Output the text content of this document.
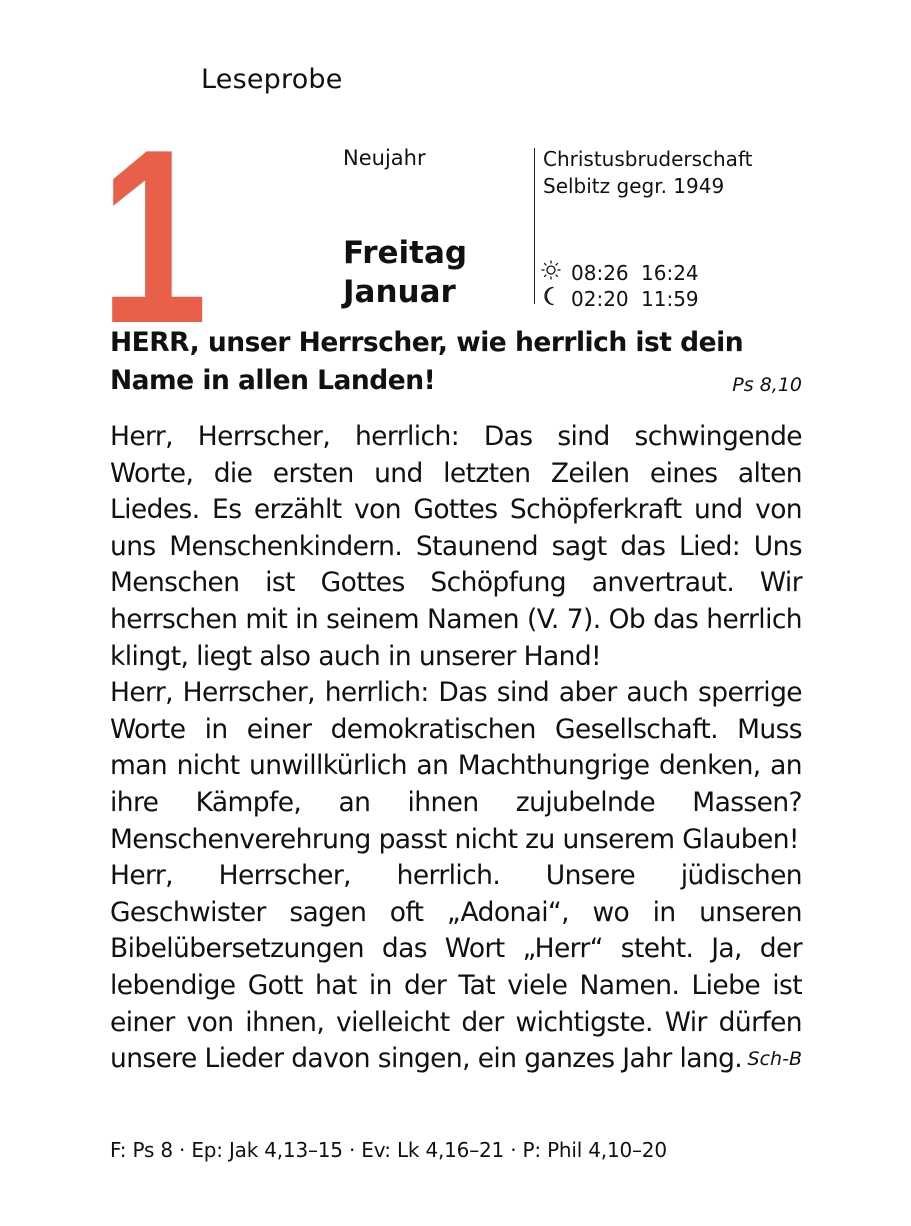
Leseprobe
1	Neujahr
Freitag
Januar
Christusbruderschaft
Selbitz gegr. 1949
08:26 16:24
02:20 11:59
HERR, unser Herrscher, wie herrlich ist dein Name in allen Landen!	Ps 8,10

Herr, Herrscher, herrlich: Das sind schwingende Worte, die ersten und letzten Zeilen eines alten Liedes. Es erzählt von Gottes Schöpferkraft und von uns Menschenkindern. Staunend sagt das Lied: Uns Menschen ist Gottes Schöpfung anvertraut. Wir herrschen mit in seinem Namen (V. 7). Ob das herrlich klingt, liegt also auch in unserer Hand!

Herr, Herrscher, herrlich: Das sind aber auch sperrige Worte in einer demokratischen Gesellschaft. Muss man nicht unwillkürlich an Machthungrige denken, an ihre Kämpfe, an ihnen zujubelnde Massen? Menschenverehrung passt nicht zu unserem Glauben!

Herr, Herrscher, herrlich. Unsere jüdischen Geschwister sagen oft „Adonai“, wo in unseren Bibelübersetzungen das Wort „Herr“ steht. Ja, der lebendige Gott hat in der Tat viele Namen. Liebe ist einer von ihnen, vielleicht der wichtigste. Wir dürfen unsere Lieder davon singen, ein ganzes Jahr lang. Sch-B
F: Ps 8 · Ep: Jak 4,13–15 · Ev: Lk 4,16–21 · P: Phil 4,10–20
